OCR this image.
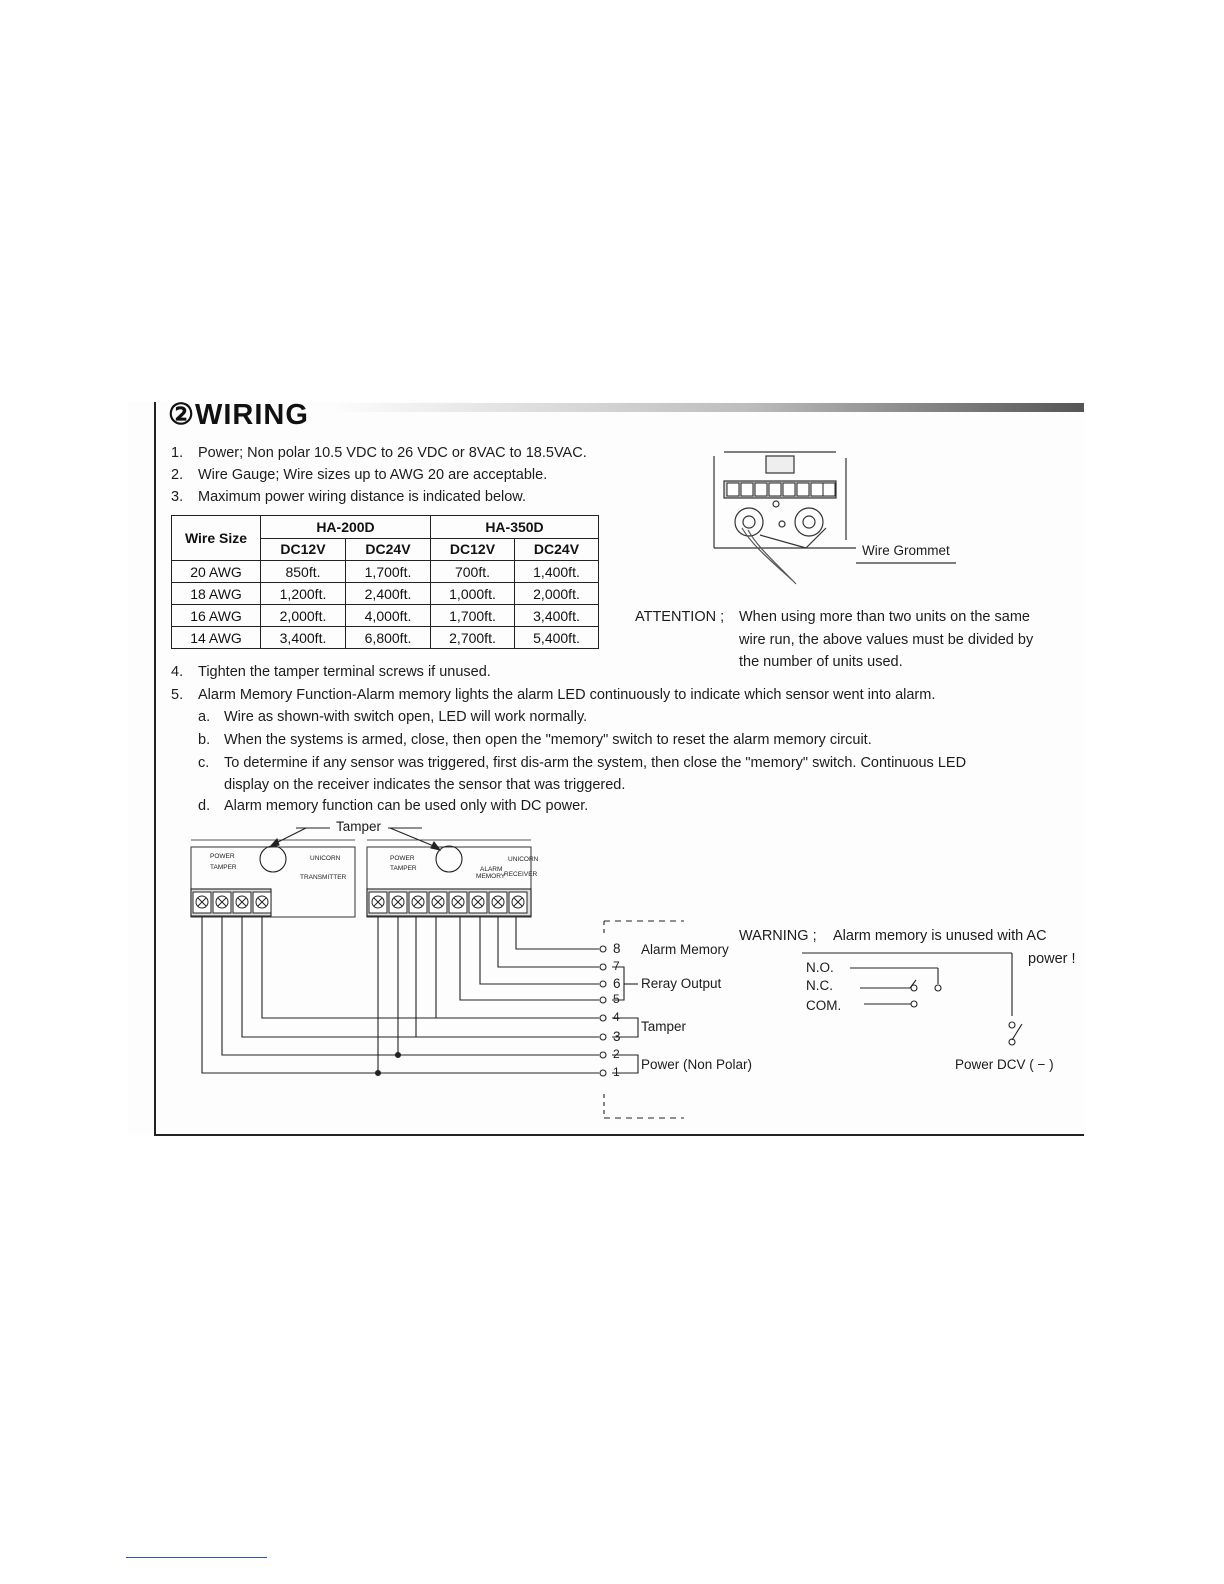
②WIRING
1. Power; Non polar 10.5 VDC to 26 VDC or 8VAC to 18.5VAC.
2. Wire Gauge; Wire sizes up to AWG 20 are acceptable.
3. Maximum power wiring distance is indicated below.
Wire Size	HA-200D		HA-350D	
	DC12V	DC24V	DC12V	DC24V
20 AWG	850ft.	1,700ft.	700ft.	1,400ft.
18 AWG	1,200ft.	2,400ft.	1,000ft.	2,000ft.
16 AWG	2,000ft.	4,000ft.	1,700ft.	3,400ft.
14 AWG	3,400ft.	6,800ft.	2,700ft.	5,400ft.
POWER
TAMPER
UNICORN
TRANSMITTER
POWER
TAMPER
UNICORN
RECEIVER
ALARM
MEMORY
Wire Grommet
ATTENTION ; When using more than two units on the same
wire run, the above values must be divided by
the number of units used.
4. Tighten the tamper terminal screws if unused.
5. Alarm Memory Function-Alarm memory lights the alarm LED continuously to indicate which sensor went into alarm.
a. Wire as shown-with switch open, LED will work normally.
b. When the systems is armed, close, then open the "memory" switch to reset the alarm memory circuit.
c. To determine if any sensor was triggered, first dis-arm the system, then close the "memory" switch. Continuous LED
display on the receiver indicates the sensor that was triggered.
d. Alarm memory function can be used only with DC power.
Tamper
8
7
6
5
4
3
2
1
Alarm Memory
Reray Output
Tamper
Power (Non Polar)
WARNING ; Alarm memory is unused with AC
power !
N.O.
N.C.
COM.
Power DCV ( − )
